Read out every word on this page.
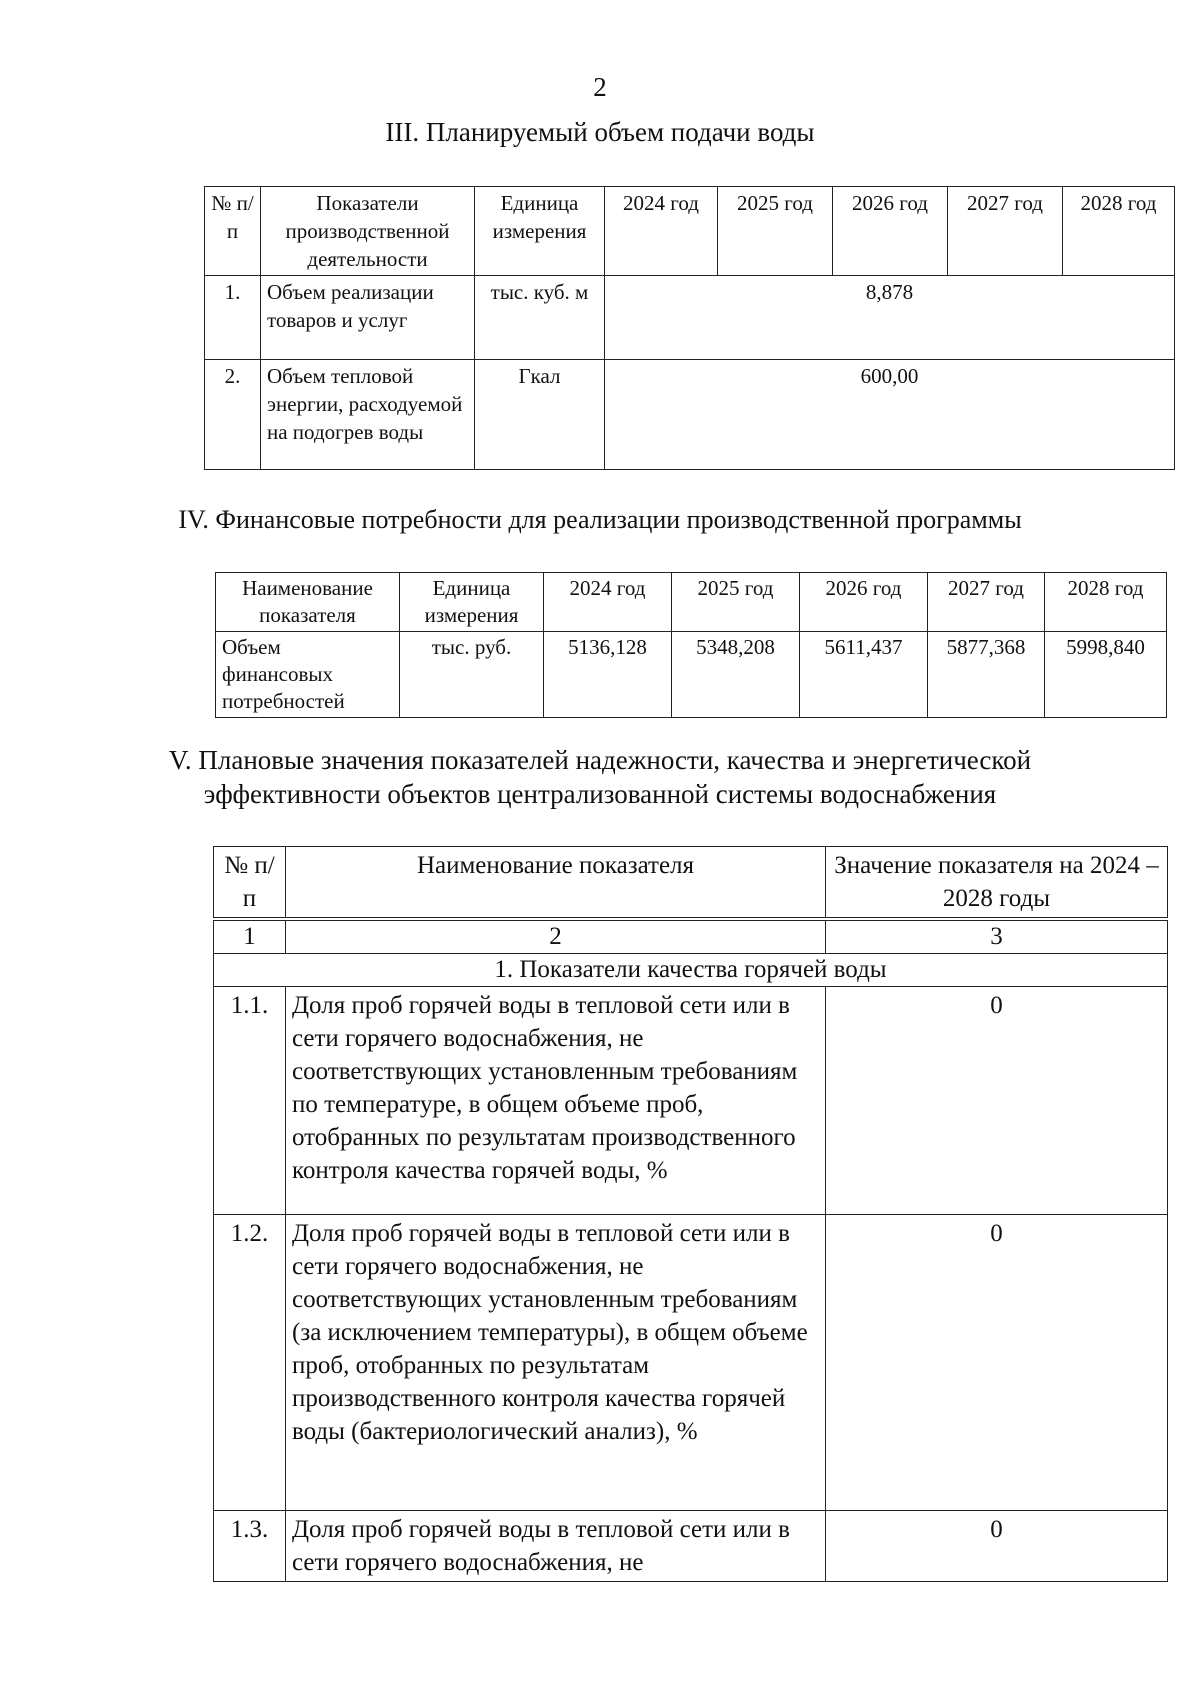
2
III. Планируемый объем подачи воды
№ п/п	Показатели производственной деятельности	Единица измерения	2024 год	2025 год	2026 год	2027 год	2028 год
1.	Объем реализации товаров и услуг	тыс. куб. м	8,878				
2.	Объем тепловой энергии, расходуемой на подогрев воды	Гкал	600,00				
IV. Финансовые потребности для реализации производственной программы
Наименование показателя	Единица измерения	2024 год	2025 год	2026 год	2027 год	2028 год
Объем финансовых потребностей	тыс. руб.	5136,128	5348,208	5611,437	5877,368	5998,840
V. Плановые значения показателей надежности, качества и энергетической
эффективности объектов централизованной системы водоснабжения
№ п/п	Наименование показателя	Значение показателя на 2024 – 2028 годы
1	2	3
1. Показатели качества горячей воды		
1.1.	Доля проб горячей воды в тепловой сети или в сети горячего водоснабжения, не соответствующих установленным требованиям по температуре, в общем объеме проб, отобранных по результатам производственного контроля качества горячей воды, %	0
1.2.	Доля проб горячей воды в тепловой сети или в сети горячего водоснабжения, не соответствующих установленным требованиям (за исключением температуры), в общем объеме проб, отобранных по результатам производственного контроля качества горячей воды (бактериологический анализ), %	0
1.3.	Доля проб горячей воды в тепловой сети или в сети горячего водоснабжения, не	0
